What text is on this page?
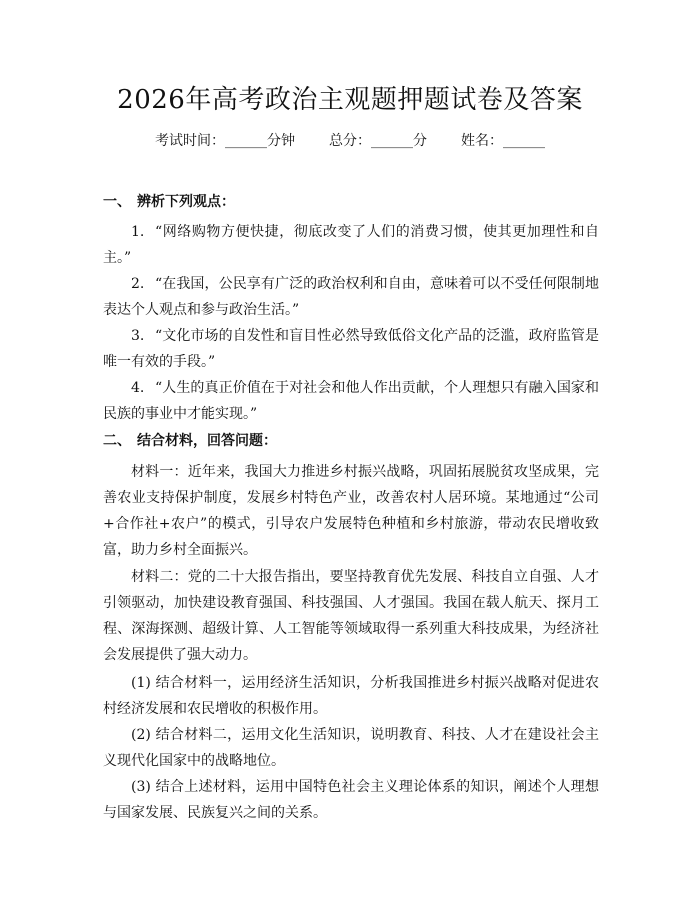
2026年高考政治主观题押题试卷及答案
考试时间：______分钟 总分：______分 姓名：______
一、 辨析下列观点：
1. “网络购物方便快捷，彻底改变了人们的消费习惯，使其更加理性和自主。”
2. “在我国，公民享有广泛的政治权利和自由，意味着可以不受任何限制地表达个人观点和参与政治生活。”
3. “文化市场的自发性和盲目性必然导致低俗文化产品的泛滥，政府监管是唯一有效的手段。”
4. “人生的真正价值在于对社会和他人作出贡献，个人理想只有融入国家和民族的事业中才能实现。”
二、 结合材料，回答问题：
材料一：近年来，我国大力推进乡村振兴战略，巩固拓展脱贫攻坚成果，完善农业支持保护制度，发展乡村特色产业，改善农村人居环境。某地通过“公司+合作社+农户”的模式，引导农户发展特色种植和乡村旅游，带动农民增收致富，助力乡村全面振兴。
材料二：党的二十大报告指出，要坚持教育优先发展、科技自立自强、人才引领驱动，加快建设教育强国、科技强国、人才强国。我国在载人航天、探月工程、深海探测、超级计算、人工智能等领域取得一系列重大科技成果，为经济社会发展提供了强大动力。
(1) 结合材料一，运用经济生活知识，分析我国推进乡村振兴战略对促进农村经济发展和农民增收的积极作用。
(2) 结合材料二，运用文化生活知识，说明教育、科技、人才在建设社会主义现代化国家中的战略地位。
(3) 结合上述材料，运用中国特色社会主义理论体系的知识，阐述个人理想与国家发展、民族复兴之间的关系。
